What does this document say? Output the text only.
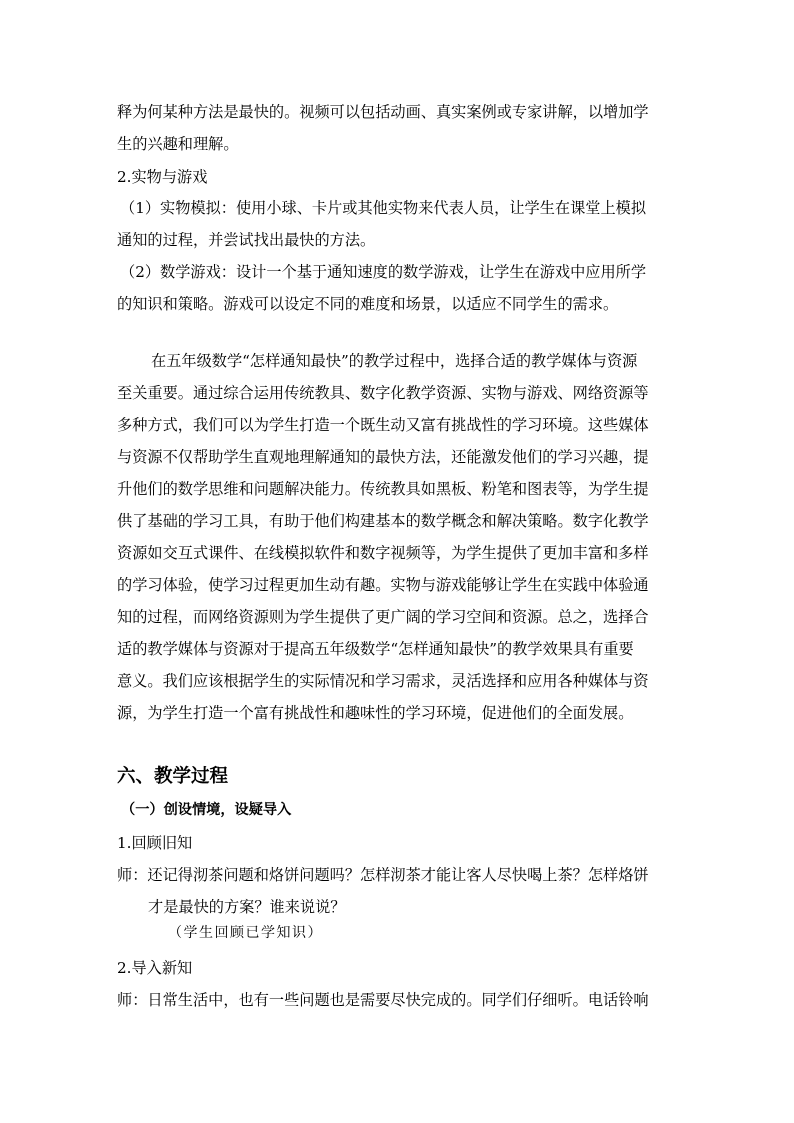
释为何某种方法是最快的。视频可以包括动画、真实案例或专家讲解，以增加学
生的兴趣和理解。
2.实物与游戏
（1）实物模拟：使用小球、卡片或其他实物来代表人员，让学生在课堂上模拟
通知的过程，并尝试找出最快的方法。
（2）数学游戏：设计一个基于通知速度的数学游戏，让学生在游戏中应用所学
的知识和策略。游戏可以设定不同的难度和场景，以适应不同学生的需求。
在五年级数学“怎样通知最快”的教学过程中，选择合适的教学媒体与资源
至关重要。通过综合运用传统教具、数字化教学资源、实物与游戏、网络资源等
多种方式，我们可以为学生打造一个既生动又富有挑战性的学习环境。这些媒体
与资源不仅帮助学生直观地理解通知的最快方法，还能激发他们的学习兴趣，提
升他们的数学思维和问题解决能力。传统教具如黑板、粉笔和图表等，为学生提
供了基础的学习工具，有助于他们构建基本的数学概念和解决策略。数字化教学
资源如交互式课件、在线模拟软件和数字视频等，为学生提供了更加丰富和多样
的学习体验，使学习过程更加生动有趣。实物与游戏能够让学生在实践中体验通
知的过程，而网络资源则为学生提供了更广阔的学习空间和资源。总之，选择合
适的教学媒体与资源对于提高五年级数学“怎样通知最快”的教学效果具有重要
意义。我们应该根据学生的实际情况和学习需求，灵活选择和应用各种媒体与资
源，为学生打造一个富有挑战性和趣味性的学习环境，促进他们的全面发展。
六、教学过程
（一）创设情境，设疑导入
1.回顾旧知
师：还记得沏茶问题和烙饼问题吗？怎样沏茶才能让客人尽快喝上茶？怎样烙饼
才是最快的方案？谁来说说？
（学生回顾已学知识）
2.导入新知
师：日常生活中，也有一些问题也是需要尽快完成的。同学们仔细听。电话铃响
